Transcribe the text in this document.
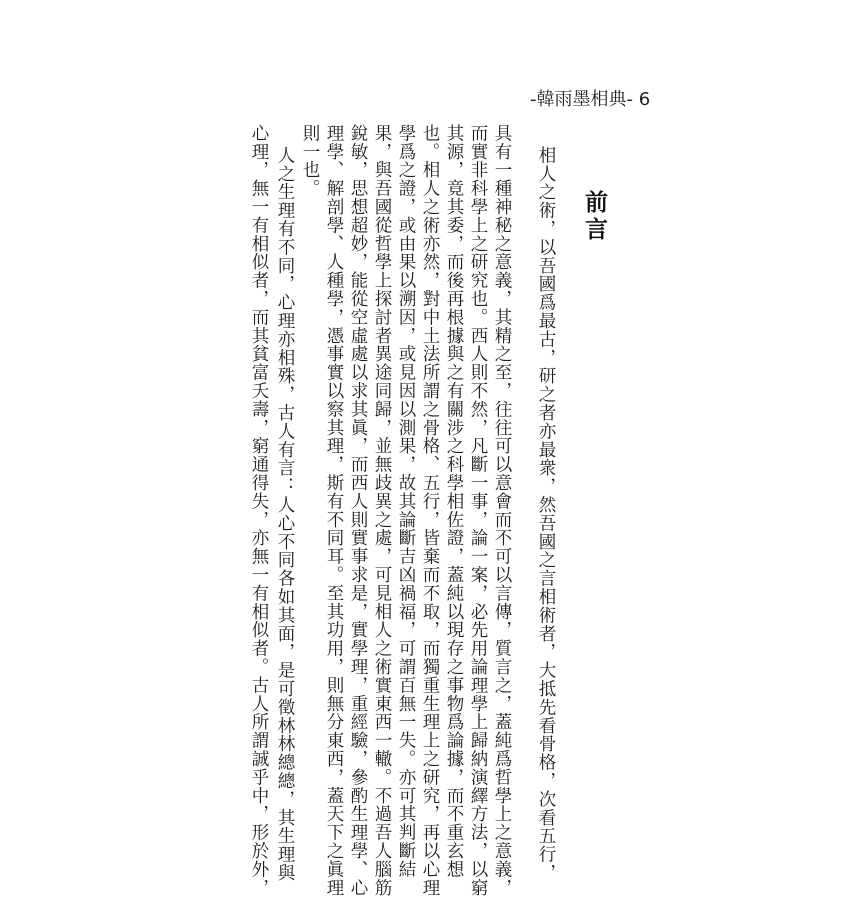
-韓雨墨相典- 6
前言
相人之術，以吾國爲最古，研之者亦最衆，然吾國之言相術者，大抵先看骨格，次看五行，
具有一種神秘之意義，其精之至，往往可以意會而不可以言傳，質言之，蓋純爲哲學上之意義，
而實非科學上之研究也。西人則不然，凡斷一事，論一案，必先用論理學上歸納演繹方法，以窮
其源，竟其委，而後再根據與之有關涉之科學相佐證，蓋純以現存之事物爲論據，而不重玄想
也。相人之術亦然，對中土法所謂之骨格、五行，皆棄而不取，而獨重生理上之研究，再以心理
學爲之證，或由果以溯因，或見因以測果，故其論斷吉凶禍福，可謂百無一失。亦可其判斷結
果，與吾國從哲學上探討者異途同歸，並無歧異之處，可見相人之術實東西一轍。不過吾人腦筋
銳敏，思想超妙，能從空虛處以求其眞，而西人則實事求是，實學理，重經驗，參酌生理學、心
理學、解剖學、人種學，憑事實以察其理，斯有不同耳。至其功用，則無分東西，蓋天下之眞理
則一也。
人之生理有不同，心理亦相殊，古人有言：人心不同各如其面，是可徵林林總總，其生理與
心理，無一有相似者，而其貧富夭壽，窮通得失，亦無一有相似者。古人所謂誠乎中，形於外，
